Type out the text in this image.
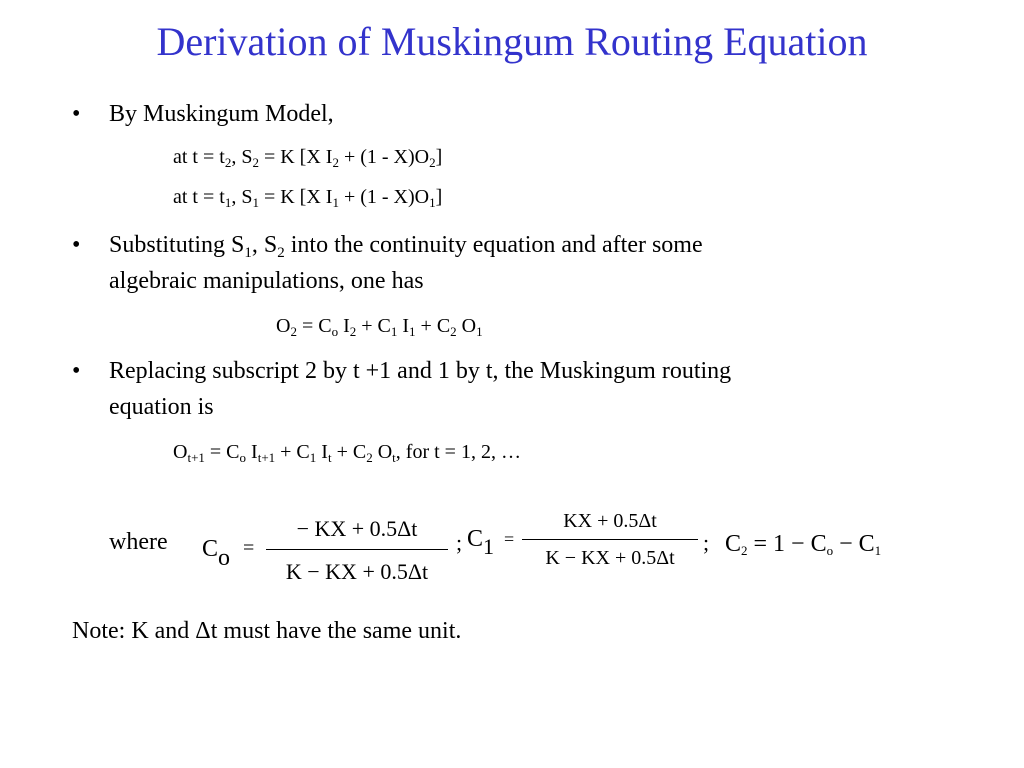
Derivation of Muskingum Routing Equation
•	By Muskingum Model,
at $t = t_2$, $S_2 = K$ [X $I_2 + (1 - X)O_2$]
at $t = t_1$, $S_1 = K$ [X $I_1 + (1 - X)O_1$]
•	Substituting $S_1$, $S_2$ into the continuity equation and after some
algebraic manipulations, one has
$O_2 = C_o$ $I_2 + C_1$ $I_1 + C_2$ $O_1$
•	Replacing subscript 2 by t +1 and 1 by t, the Muskingum routing
equation is
$O_{t+1} = C_o$ $I_{t+1} + C_1$ $I_t + C_2$ $O_t$, for t = 1, 2, …
where Co =
− KX + 0.5Δt
K − KX + 0.5Δt
; C1 =
KX + 0.5Δt
K − KX + 0.5Δt
; $C_2 = 1 - C_o - C_1$
Note: K and Δt must have the same unit.
